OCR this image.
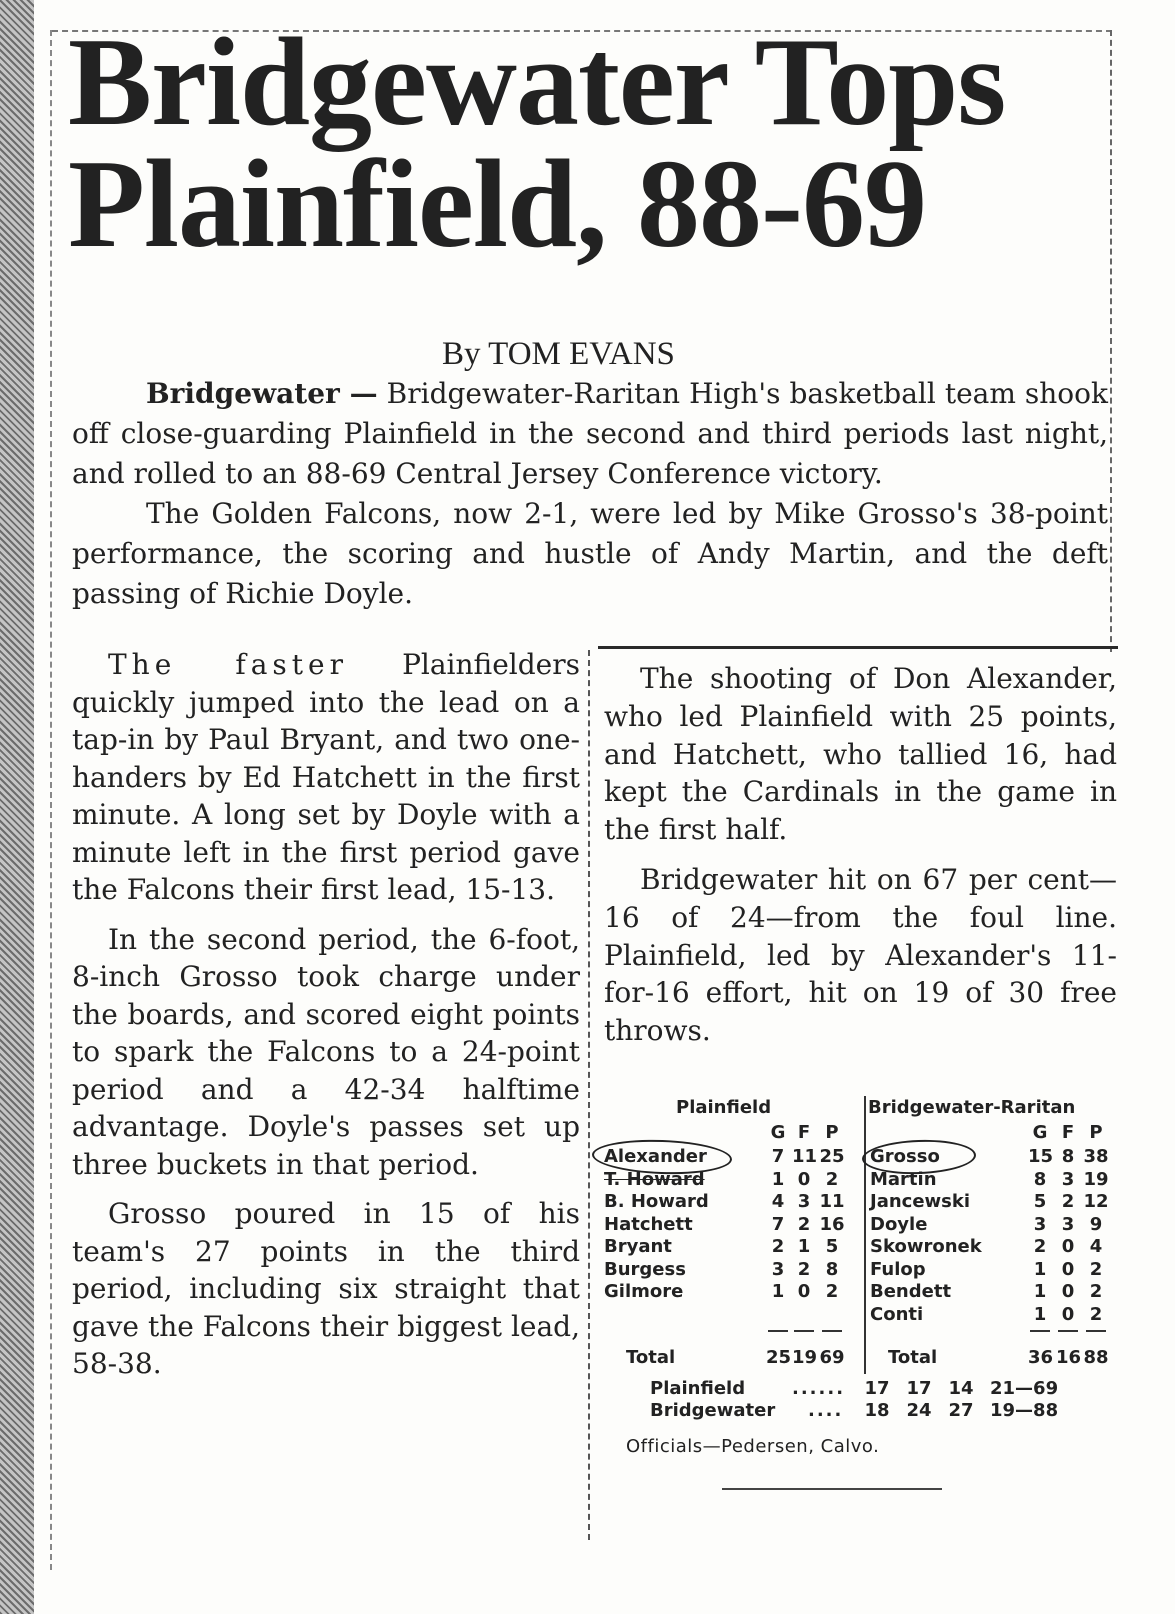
Bridgewater Tops Plainfield, 88-69
By TOM EVANS

Bridgewater — Bridgewater-Raritan High's basketball team shook off close-guarding Plainfield in the second and third periods last night, and rolled to an 88-69 Central Jersey Conference victory.

The Golden Falcons, now 2-1, were led by Mike Grosso's 38-point performance, the scoring and hustle of Andy Martin, and the deft passing of Richie Doyle.

The faster Plainfielders quickly jumped into the lead on a tap-in by Paul Bryant, and two one-handers by Ed Hatchett in the first minute. A long set by Doyle with a minute left in the first period gave the Falcons their first lead, 15-13.

In the second period, the 6-foot, 8-inch Grosso took charge under the boards, and scored eight points to spark the Falcons to a 24-point period and a 42-34 halftime advantage. Doyle's passes set up three buckets in that period.

Grosso poured in 15 of his team's 27 points in the third period, including six straight that gave the Falcons their biggest lead, 58-38.

The shooting of Don Alexander, who led Plainfield with 25 points, and Hatchett, who tallied 16, had kept the Cardinals in the game in the first half.

Bridgewater hit on 67 per cent—16 of 24—from the foul line. Plainfield, led by Alexander's 11-for-16 effort, hit on 19 of 30 free throws.

Plainfield
G F P
Alexander	7 11 25
T. Howard	1 0 2
B. Howard	4 3 11
Hatchett	7 2 16
Bryant	2 1 5
Burgess	3 2 8
Gilmore	1 0 2
Total	25 19 69
Bridgewater-Raritan
G F P
Grosso	15 8 38
Martin	8 3 19
Jancewski	5 2 12
Doyle	3 3 9
Skowronek	2 0 4
Fulop	1 0 2
Bendett	1 0 2
Conti	1 0 2
Total	36 16 88
Plainfield	...... 17 17 14 21—69
Bridgewater .... 18 24 27 19—88
Officials—Pedersen, Calvo.
